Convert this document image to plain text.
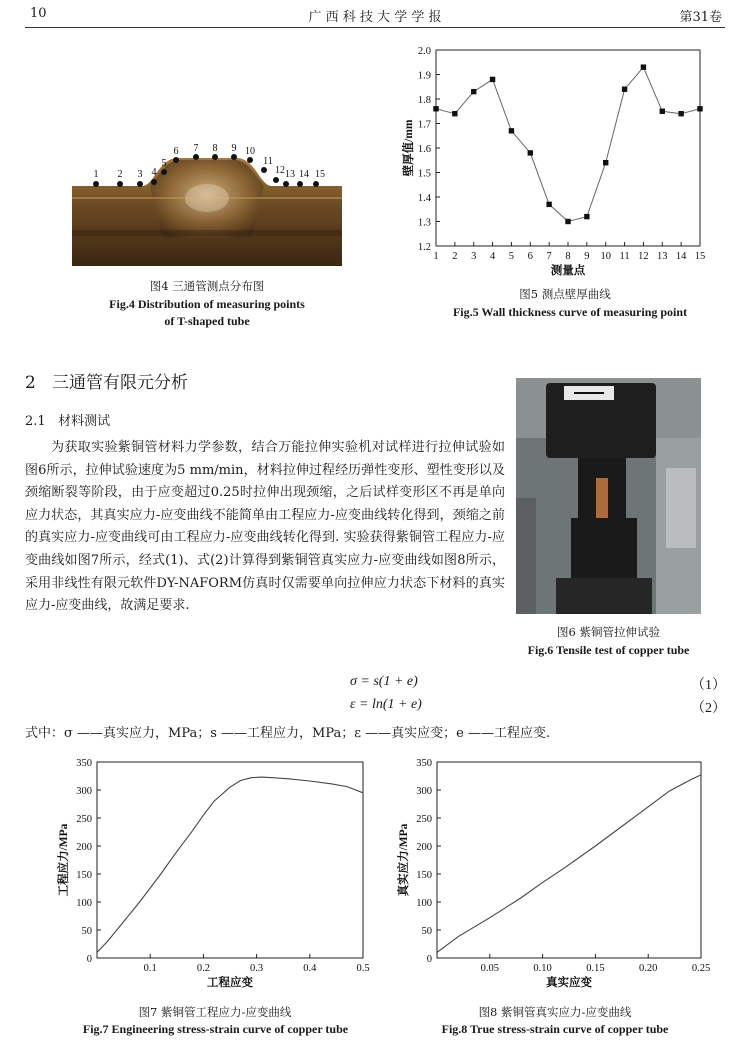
10	广 西 科 技 大 学 学 报	第31卷
1 2 3 4
5
6 7 8 9 10
11
12 13 14 15
图4 三通管测点分布图
Fig.4 Distribution of measuring points
of T-shaped tube
1 2 3 4 5 6 7 8 9 10 11 12 13 14 15
1.2
1.3
1.4
1.5
1.6
1.7
1.8
1.9
2.0
测量点
壁厚值/mm
图5 测点壁厚曲线
Fig.5 Wall thickness curve of measuring point
2 三通管有限元分析
2.1 材料测试

为获取实验紫铜管材料力学参数，结合万能拉伸实验机对试样进行拉伸试验如图6所示，拉伸试验速度为5 mm/min，材料拉伸过程经历弹性变形、塑性变形以及颈缩断裂等阶段，由于应变超过0.25时拉伸出现颈缩，之后试样变形区不再是单向应力状态，其真实应力-应变曲线不能简单由工程应力-应变曲线转化得到，颈缩之前的真实应力-应变曲线可由工程应力-应变曲线转化得到. 实验获得紫铜管工程应力-应变曲线如图7所示，经式(1)、式(2)计算得到紫铜管真实应力-应变曲线如图8所示，采用非线性有限元软件DY-NAFORM仿真时仅需要单向拉伸应力状态下材料的真实应力-应变曲线，故满足要求.

图6 紫铜管拉伸试验
Fig.6 Tensile test of copper tube
σ = s(1 + e)	（1）
ε = ln(1 + e)	（2）
式中：σ ——真实应力，MPa；s ——工程应力，MPa；ε ——真实应变；e ——工程应变.
0.1	0.2	0.3	0.4	0.5
0
50
100
150
200
250
300
350
工程应变
工程应力/MPa
图7 紫铜管工程应力-应变曲线
Fig.7 Engineering stress-strain curve of copper tube
0.05	0.10	0.15	0.20	0.25
0
50
100
150
200
250
300
350
真实应变
真实应力/MPa
图8 紫铜管真实应力-应变曲线
Fig.8 True stress-strain curve of copper tube
